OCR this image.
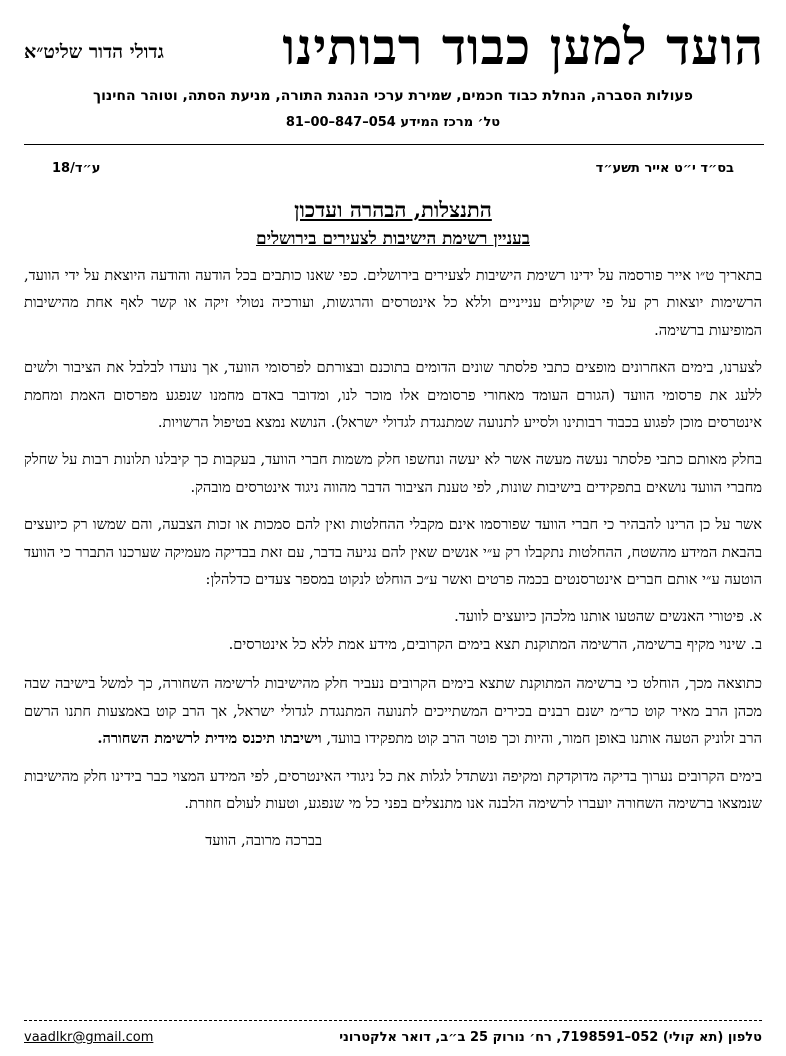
הועד למען כבוד רבותינו
גדולי הדור שליט״א
פעולות הסברה, הנחלת כבוד חכמים, שמירת ערכי הנהגת התורה, מניעת הסתה, וטוהר החינוך
טל׳ מרכז המידע 054–847–00–81
בס״ד י״ט אייר תשע״ד
18/ע״ד
התנצלות, הבהרה ועדכון
בעניין רשימת הישיבות לצעירים בירושלים

בתאריך ט״ו אייר פורסמה על ידינו רשימת הישיבות לצעירים בירושלים. כפי שאנו כותבים בכל הודעה והודעה היוצאת על ידי הוועד, הרשימות יוצאות רק על פי שיקולים ענייניים וללא כל אינטרסים והרגשות, ועורכיה נטולי זיקה או קשר לאף אחת מהישיבות המופיעות ברשימה.

לצערנו, בימים האחרונים מופצים כתבי פלסתר שונים הדומים בתוכנם ובצורתם לפרסומי הוועד, אך נועדו לבלבל את הציבור ולשים ללעג את פרסומי הוועד (הגורם העומד מאחורי פרסומים אלו מוכר לנו, ומדובר באדם מחמנו שנפגע מפרסום האמת ומחמת אינטרסים מוכן לפגוע בכבוד רבותינו ולסייע לתנועה שמתנגדת לגדולי ישראל). הנושא נמצא בטיפול הרשויות.

בחלק מאותם כתבי פלסתר נעשה מעשה אשר לא יעשה ונחשפו חלק משמות חברי הוועד, בעקבות כך קיבלנו תלונות רבות על שחלק מחברי הוועד נושאים בתפקידים בישיבות שונות, לפי טענת הציבור הדבר מהווה ניגוד אינטרסים מובהק.

אשר על כן הרינו להבהיר כי חברי הוועד שפורסמו אינם מקבלי ההחלטות ואין להם סמכות או זכות הצבעה, והם שמשו רק כיועצים בהבאת המידע מהשטח, ההחלטות נתקבלו רק ע״י אנשים שאין להם נגיעה בדבר, עם זאת בבדיקה מעמיקה שערכנו התברר כי הוועד הוטעה ע״י אותם חברים אינטרסנטים בכמה פרטים ואשר ע״כ הוחלט לנקוט במספר צעדים כדלהלן:

א. פיטורי האנשים שהטעו אותנו מלכהן כיועצים לוועד.
ב. שינוי מקיף ברשימה, הרשימה המתוקנת תצא בימים הקרובים, מידע אמת ללא כל אינטרסים.

כתוצאה מכך, הוחלט כי ברשימה המתוקנת שתצא בימים הקרובים נעביר חלק מהישיבות לרשימה השחורה, כך למשל בישיבה שבה מכהן הרב מאיר קוט כר״מ ישנם רבנים בכירים המשתייכים לתנועה המתנגדת לגדולי ישראל, אך הרב קוט באמצעות חתנו הרשם הרב זלוניק הטעה אותנו באופן חמור, והיות וכך פוטר הרב קוט מתפקידו בוועד, וישיבתו תיכנס מידית לרשימת השחורה.

בימים הקרובים נערוך בדיקה מדוקדקת ומקיפה ונשתדל לגלות את כל ניגודי האינטרסים, לפי המידע המצוי כבר בידינו חלק מהישיבות שנמצאו ברשימה השחורה יועברו לרשימה הלבנה אנו מתנצלים בפני כל מי שנפגע, וטעות לעולם חוזרת.

בברכה מרובה, הוועד
טלפון (תא קולי) 052–7198591, רח׳ נורוק 25 ב״ב, דואר אלקטרוני
vaadlkr@gmail.com
